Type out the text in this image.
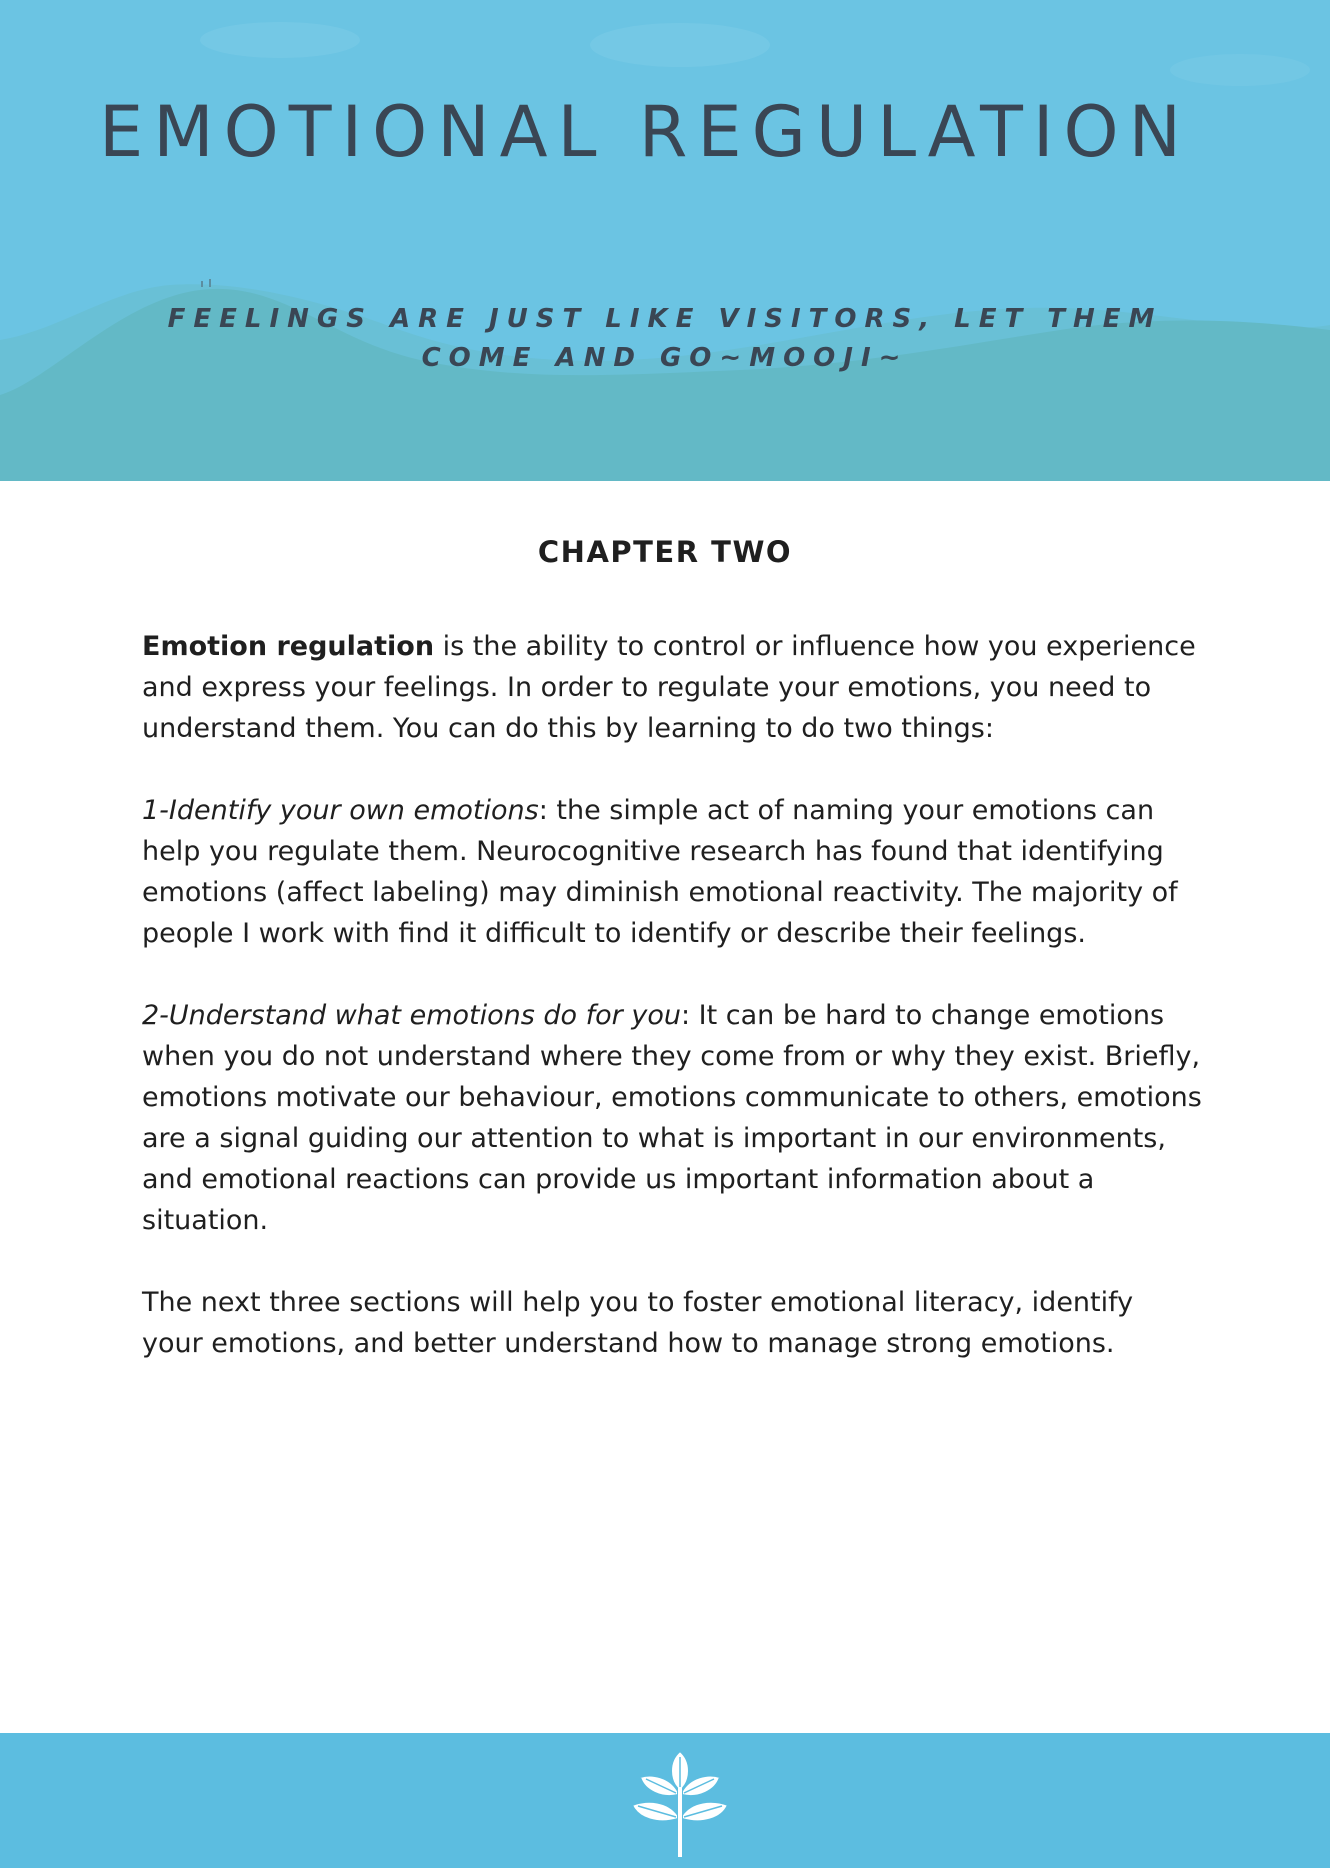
EMOTIONAL REGULATION
FEELINGS ARE JUST LIKE VISITORS, LET THEM
COME AND GO~MOOJI~
CHAPTER TWO

Emotion regulation is the ability to control or influence how you experience and express your feelings. In order to regulate your emotions, you need to understand them. You can do this by learning to do two things:

1-Identify your own emotions: the simple act of naming your emotions can help you regulate them. Neurocognitive research has found that identifying emotions (affect labeling) may diminish emotional reactivity. The majority of people I work with find it difficult to identify or describe their feelings.

2-Understand what emotions do for you: It can be hard to change emotions when you do not understand where they come from or why they exist. Briefly, emotions motivate our behaviour, emotions communicate to others, emotions are a signal guiding our attention to what is important in our environments, and emotional reactions can provide us important information about a situation.

The next three sections will help you to foster emotional literacy, identify your emotions, and better understand how to manage strong emotions.
